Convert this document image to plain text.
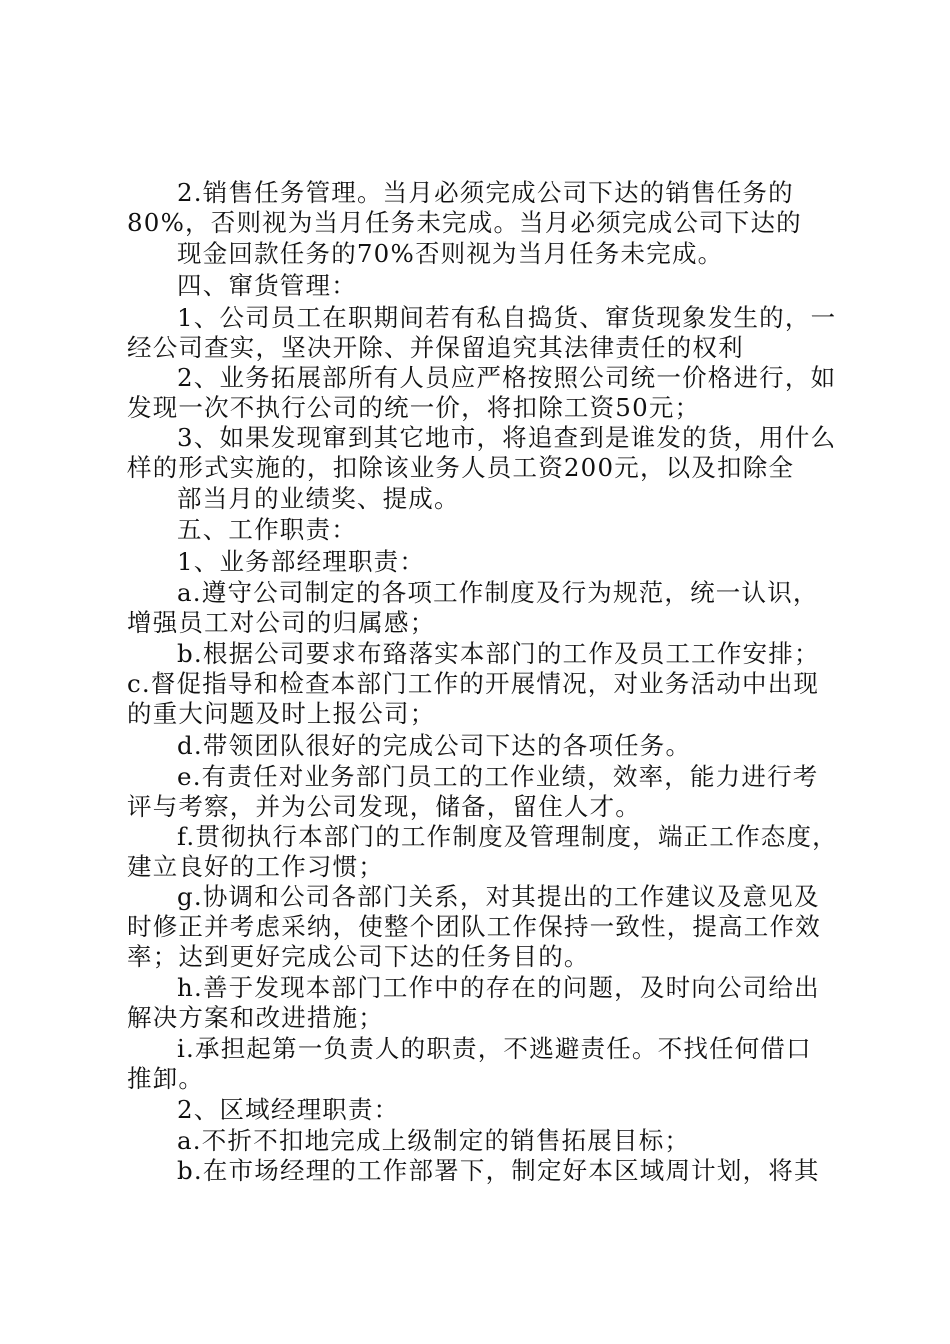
2.销售任务管理。当月必须完成公司下达的销售任务的
80%，否则视为当月任务未完成。当月必须完成公司下达的
现金回款任务的70%否则视为当月任务未完成。
四、窜货管理：
1、公司员工在职期间若有私自捣货、窜货现象发生的，一
经公司查实，坚决开除、并保留追究其法律责任的权利
2、业务拓展部所有人员应严格按照公司统一价格进行，如
发现一次不执行公司的统一价，将扣除工资50元；
3、如果发现窜到其它地市，将追查到是谁发的货，用什么
样的形式实施的，扣除该业务人员工资200元，以及扣除全
部当月的业绩奖、提成。
五、工作职责：
1、业务部经理职责：
a.遵守公司制定的各项工作制度及行为规范，统一认识，
增强员工对公司的归属感；
b.根据公司要求布臵落实本部门的工作及员工工作安排；
c.督促指导和检查本部门工作的开展情况，对业务活动中出现
的重大问题及时上报公司；
d.带领团队很好的完成公司下达的各项任务。
e.有责任对业务部门员工的工作业绩，效率，能力进行考
评与考察，并为公司发现，储备，留住人才。
f.贯彻执行本部门的工作制度及管理制度，端正工作态度，
建立良好的工作习惯；
g.协调和公司各部门关系，对其提出的工作建议及意见及
时修正并考虑采纳，使整个团队工作保持一致性，提高工作效
率；达到更好完成公司下达的任务目的。
h.善于发现本部门工作中的存在的问题，及时向公司给出
解决方案和改进措施；
i.承担起第一负责人的职责，不逃避责任。不找任何借口
推卸。
2、区域经理职责：
a.不折不扣地完成上级制定的销售拓展目标；
b.在市场经理的工作部署下，制定好本区域周计划，将其
